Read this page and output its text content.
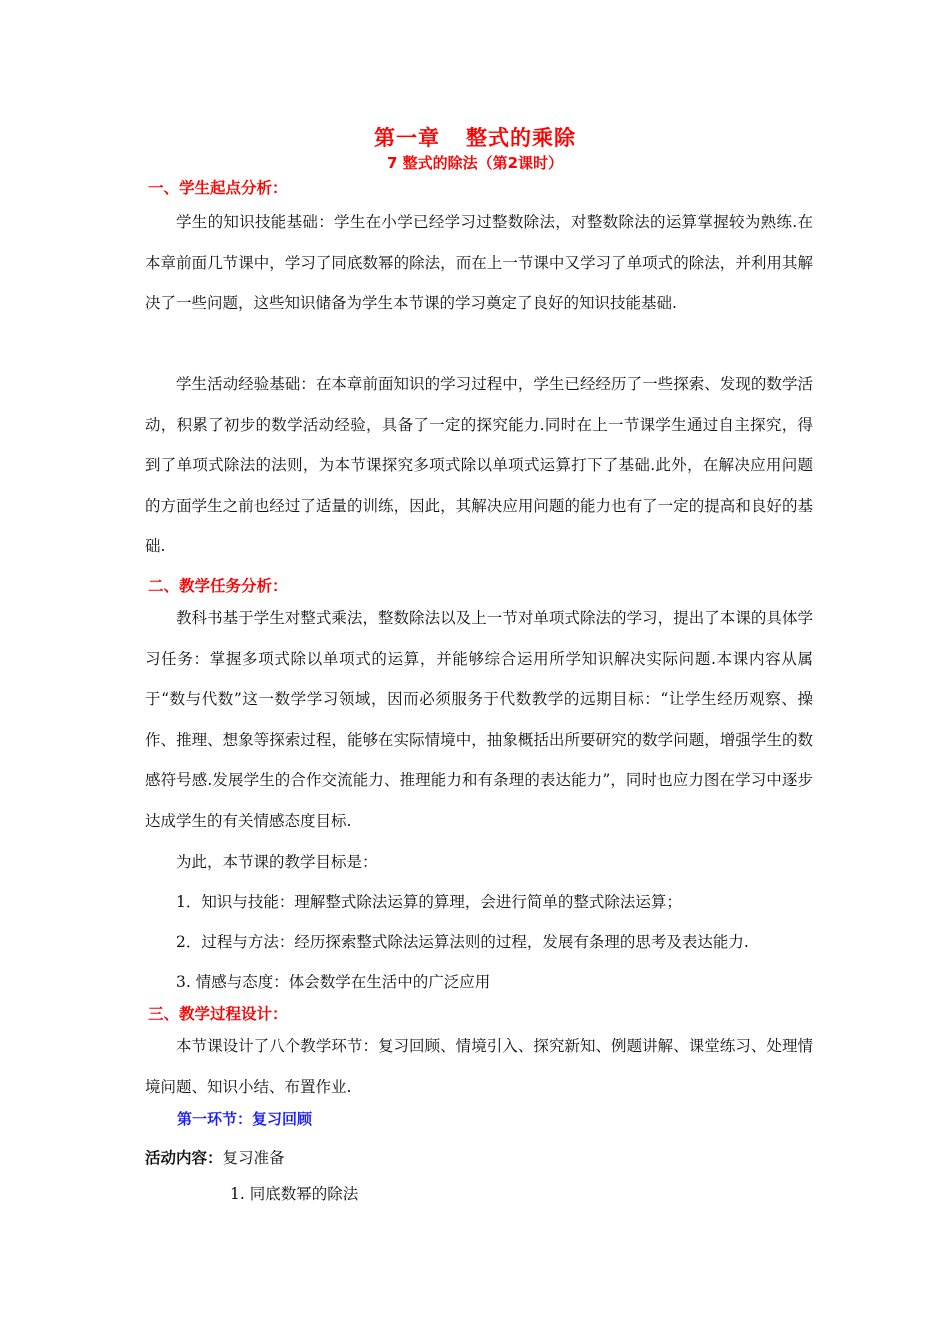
第一章 整式的乘除
7 整式的除法（第2课时）
一、学生起点分析：

学生的知识技能基础：学生在小学已经学习过整数除法，对整数除法的运算掌握较为熟练.在本章前面几节课中，学习了同底数幂的除法，而在上一节课中又学习了单项式的除法，并利用其解决了一些问题，这些知识储备为学生本节课的学习奠定了良好的知识技能基础.

学生活动经验基础：在本章前面知识的学习过程中，学生已经经历了一些探索、发现的数学活动，积累了初步的数学活动经验，具备了一定的探究能力.同时在上一节课学生通过自主探究，得到了单项式除法的法则，为本节课探究多项式除以单项式运算打下了基础.此外，在解决应用问题的方面学生之前也经过了适量的训练，因此，其解决应用问题的能力也有了一定的提高和良好的基础.

二、教学任务分析：

教科书基于学生对整式乘法，整数除法以及上一节对单项式除法的学习，提出了本课的具体学习任务：掌握多项式除以单项式的运算，并能够综合运用所学知识解决实际问题.本课内容从属于“数与代数”这一数学学习领域，因而必须服务于代数教学的远期目标：“让学生经历观察、操作、推理、想象等探索过程，能够在实际情境中，抽象概括出所要研究的数学问题，增强学生的数感符号感.发展学生的合作交流能力、推理能力和有条理的表达能力”，同时也应力图在学习中逐步达成学生的有关情感态度目标.

为此，本节课的教学目标是：
1．知识与技能：理解整式除法运算的算理，会进行简单的整式除法运算；
2．过程与方法：经历探索整式除法运算法则的过程，发展有条理的思考及表达能力.
3. 情感与态度：体会数学在生活中的广泛应用
三、教学过程设计：

本节课设计了八个教学环节：复习回顾、情境引入、探究新知、例题讲解、课堂练习、处理情境问题、知识小结、布置作业.

第一环节：复习回顾
活动内容：复习准备
1. 同底数幂的除法
